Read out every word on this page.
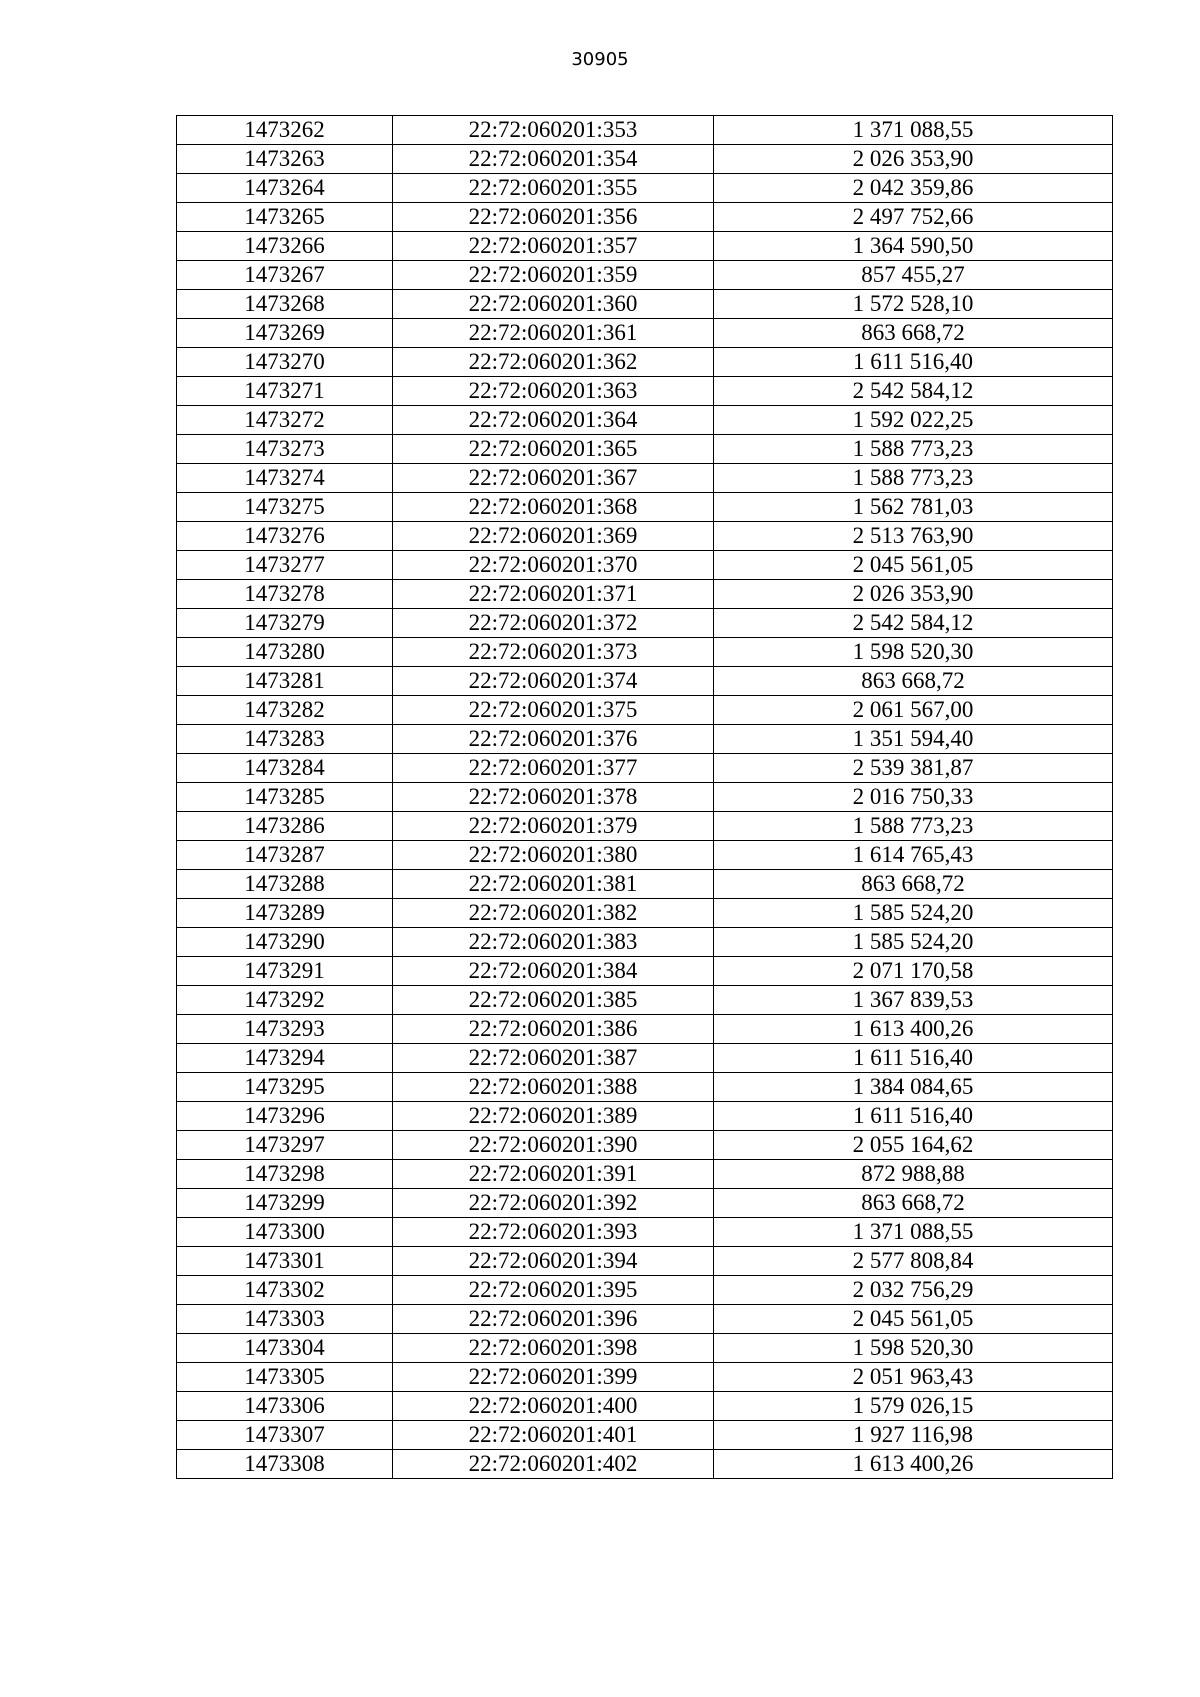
30905
1473262	22:72:060201:353	1 371 088,55
1473263	22:72:060201:354	2 026 353,90
1473264	22:72:060201:355	2 042 359,86
1473265	22:72:060201:356	2 497 752,66
1473266	22:72:060201:357	1 364 590,50
1473267	22:72:060201:359	857 455,27
1473268	22:72:060201:360	1 572 528,10
1473269	22:72:060201:361	863 668,72
1473270	22:72:060201:362	1 611 516,40
1473271	22:72:060201:363	2 542 584,12
1473272	22:72:060201:364	1 592 022,25
1473273	22:72:060201:365	1 588 773,23
1473274	22:72:060201:367	1 588 773,23
1473275	22:72:060201:368	1 562 781,03
1473276	22:72:060201:369	2 513 763,90
1473277	22:72:060201:370	2 045 561,05
1473278	22:72:060201:371	2 026 353,90
1473279	22:72:060201:372	2 542 584,12
1473280	22:72:060201:373	1 598 520,30
1473281	22:72:060201:374	863 668,72
1473282	22:72:060201:375	2 061 567,00
1473283	22:72:060201:376	1 351 594,40
1473284	22:72:060201:377	2 539 381,87
1473285	22:72:060201:378	2 016 750,33
1473286	22:72:060201:379	1 588 773,23
1473287	22:72:060201:380	1 614 765,43
1473288	22:72:060201:381	863 668,72
1473289	22:72:060201:382	1 585 524,20
1473290	22:72:060201:383	1 585 524,20
1473291	22:72:060201:384	2 071 170,58
1473292	22:72:060201:385	1 367 839,53
1473293	22:72:060201:386	1 613 400,26
1473294	22:72:060201:387	1 611 516,40
1473295	22:72:060201:388	1 384 084,65
1473296	22:72:060201:389	1 611 516,40
1473297	22:72:060201:390	2 055 164,62
1473298	22:72:060201:391	872 988,88
1473299	22:72:060201:392	863 668,72
1473300	22:72:060201:393	1 371 088,55
1473301	22:72:060201:394	2 577 808,84
1473302	22:72:060201:395	2 032 756,29
1473303	22:72:060201:396	2 045 561,05
1473304	22:72:060201:398	1 598 520,30
1473305	22:72:060201:399	2 051 963,43
1473306	22:72:060201:400	1 579 026,15
1473307	22:72:060201:401	1 927 116,98
1473308	22:72:060201:402	1 613 400,26
